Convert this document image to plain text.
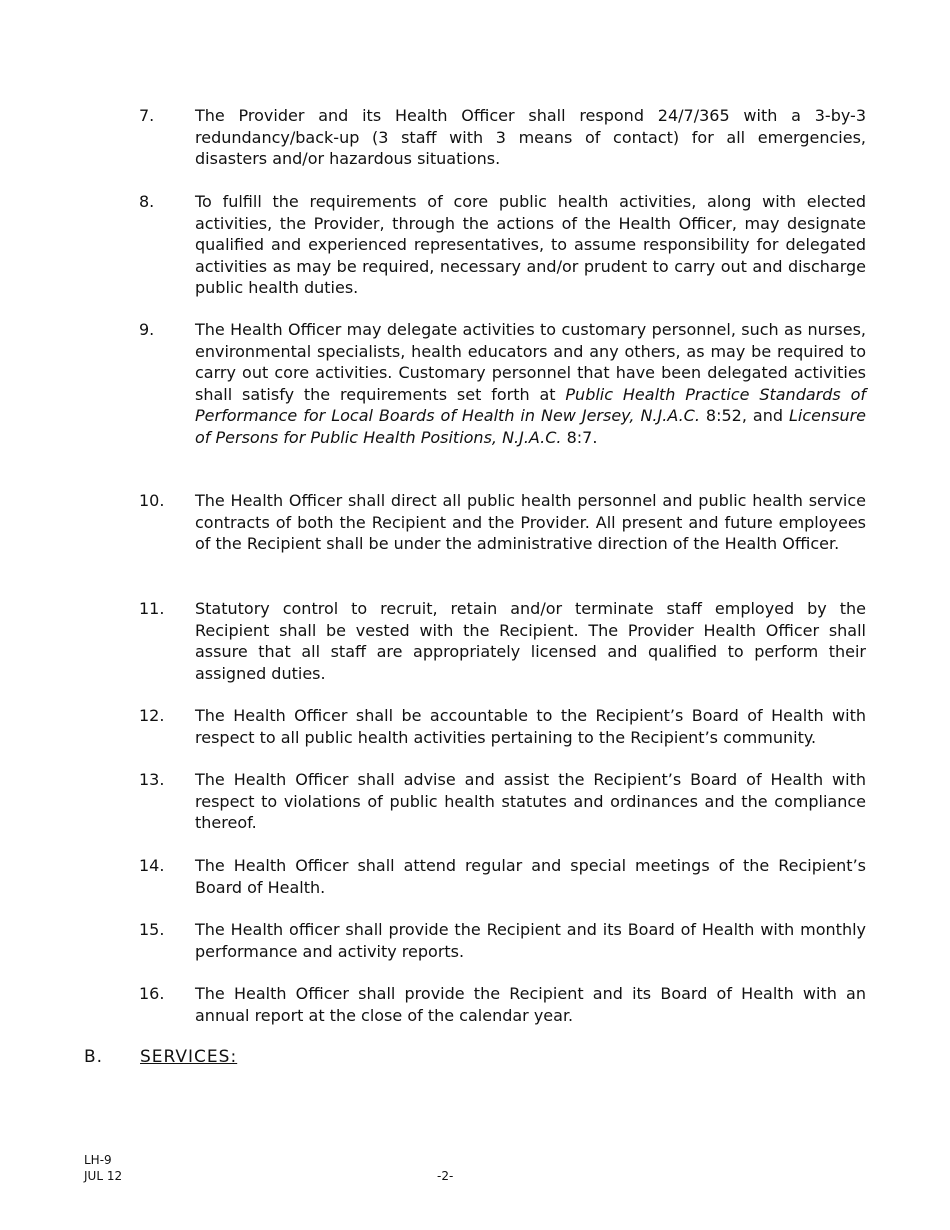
7.	The Provider and its Health Officer shall respond 24/7/365 with a 3-by-3 redundancy/back-up (3 staff with 3 means of contact) for all emergencies, disasters and/or hazardous situations.
8.	To fulfill the requirements of core public health activities, along with elected activities, the Provider, through the actions of the Health Officer, may designate qualified and experienced representatives, to assume responsibility for delegated activities as may be required, necessary and/or prudent to carry out and discharge public health duties.
9.	The Health Officer may delegate activities to customary personnel, such as nurses, environmental specialists, health educators and any others, as may be required to carry out core activities. Customary personnel that have been delegated activities shall satisfy the requirements set forth at Public Health Practice Standards of Performance for Local Boards of Health in New Jersey, N.J.A.C. 8:52, and Licensure of Persons for Public Health Positions, N.J.A.C. 8:7.
10.	The Health Officer shall direct all public health personnel and public health service contracts of both the Recipient and the Provider. All present and future employees of the Recipient shall be under the administrative direction of the Health Officer.
11.	Statutory control to recruit, retain and/or terminate staff employed by the Recipient shall be vested with the Recipient. The Provider Health Officer shall assure that all staff are appropriately licensed and qualified to perform their assigned duties.
12.	The Health Officer shall be accountable to the Recipient’s Board of Health with respect to all public health activities pertaining to the Recipient’s community.
13.	The Health Officer shall advise and assist the Recipient’s Board of Health with respect to violations of public health statutes and ordinances and the compliance thereof.
14.	The Health Officer shall attend regular and special meetings of the Recipient’s Board of Health.
15.	The Health officer shall provide the Recipient and its Board of Health with monthly performance and activity reports.
16.	The Health Officer shall provide the Recipient and its Board of Health with an annual report at the close of the calendar year.
B. SERVICES:
LH-9
JUL 12	-2-
